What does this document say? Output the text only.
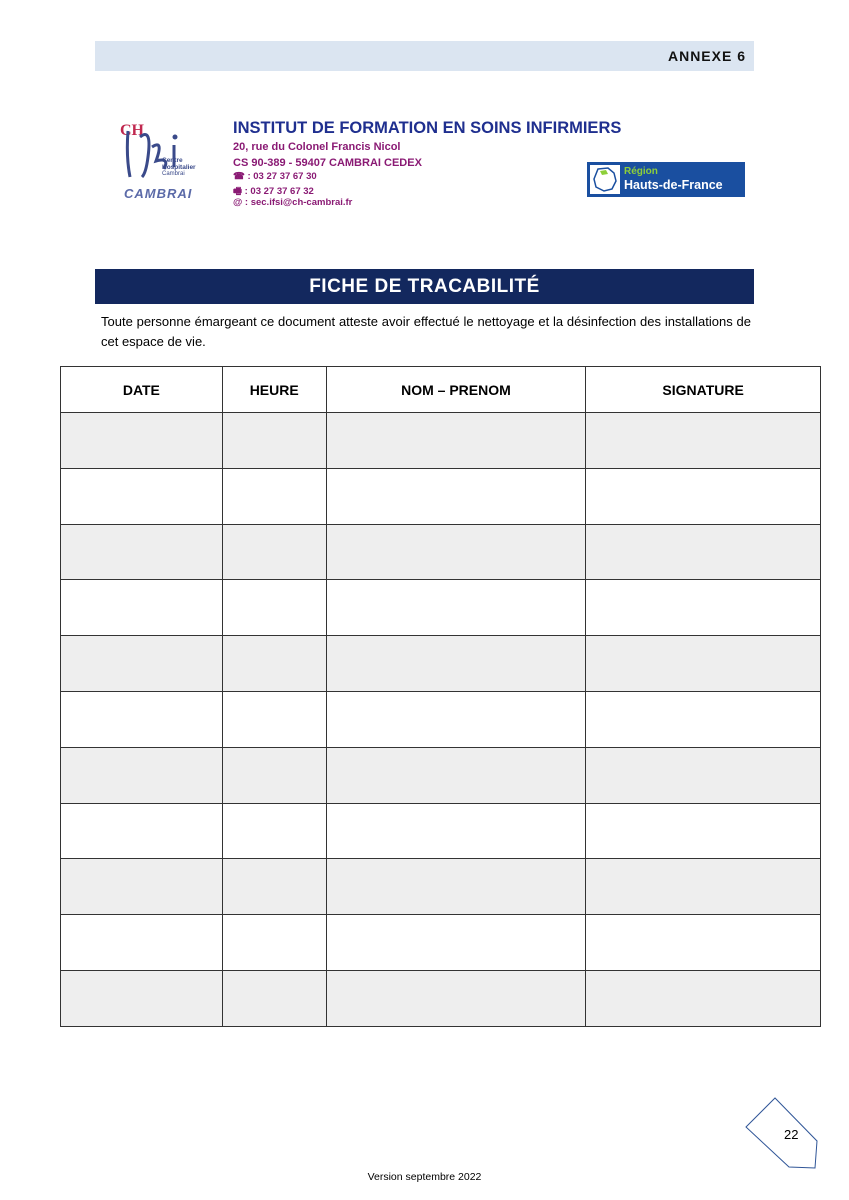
ANNEXE 6
CH
Centre Hospitalier
Cambrai
CAMBRAI
INSTITUT DE FORMATION EN SOINS INFIRMIERS
20, rue du Colonel Francis Nicol
CS 90-389 - 59407 CAMBRAI CEDEX
☎ : 03 27 37 67 30
🖷 : 03 27 37 67 32
@ : sec.ifsi@ch-cambrai.fr
Région
Hauts-de-France
FICHE DE TRACABILITÉ
Toute personne émargeant ce document atteste avoir effectué le nettoyage et la désinfection des installations de cet espace de vie.
DATE	HEURE	NOM – PRENOM	SIGNATURE

22
Version septembre 2022
